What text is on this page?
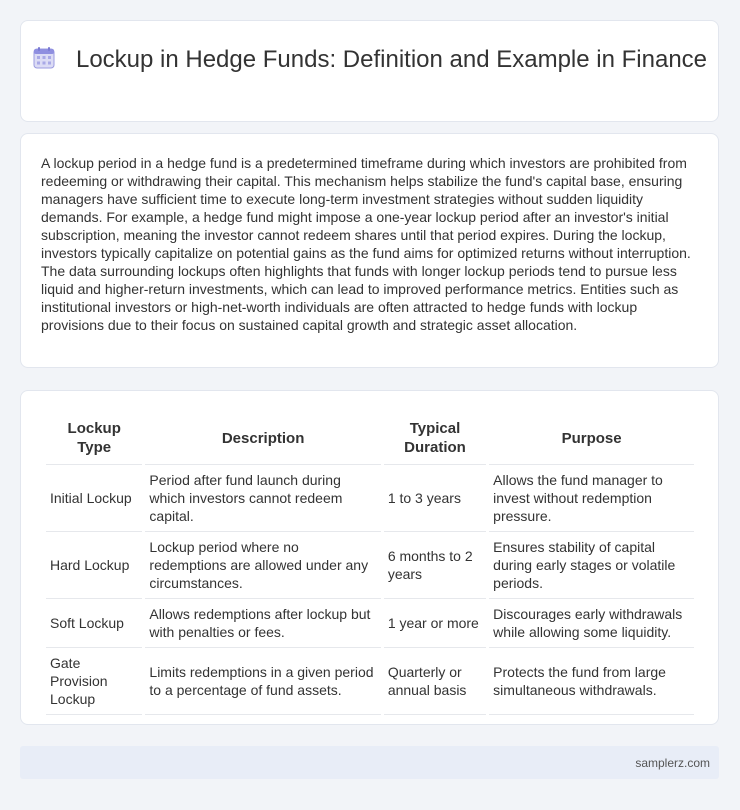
Lockup in Hedge Funds: Definition and Example in Finance

A lockup period in a hedge fund is a predetermined timeframe during which investors are prohibited from redeeming or withdrawing their capital. This mechanism helps stabilize the fund's capital base, ensuring managers have sufficient time to execute long-term investment strategies without sudden liquidity demands. For example, a hedge fund might impose a one-year lockup period after an investor's initial subscription, meaning the investor cannot redeem shares until that period expires. During the lockup, investors typically capitalize on potential gains as the fund aims for optimized returns without interruption. The data surrounding lockups often highlights that funds with longer lockup periods tend to pursue less liquid and higher-return investments, which can lead to improved performance metrics. Entities such as institutional investors or high-net-worth individuals are often attracted to hedge funds with lockup provisions due to their focus on sustained capital growth and strategic asset allocation.

Lockup Type	Description	Typical Duration	Purpose
Initial Lockup	Period after fund launch during which investors cannot redeem capital.	1 to 3 years	Allows the fund manager to invest without redemption pressure.
Hard Lockup	Lockup period where no redemptions are allowed under any circumstances.	6 months to 2 years	Ensures stability of capital during early stages or volatile periods.
Soft Lockup	Allows redemptions after lockup but with penalties or fees.	1 year or more	Discourages early withdrawals while allowing some liquidity.
Gate Provision Lockup	Limits redemptions in a given period to a percentage of fund assets.	Quarterly or annual basis	Protects the fund from large simultaneous withdrawals.
samplerz.com
